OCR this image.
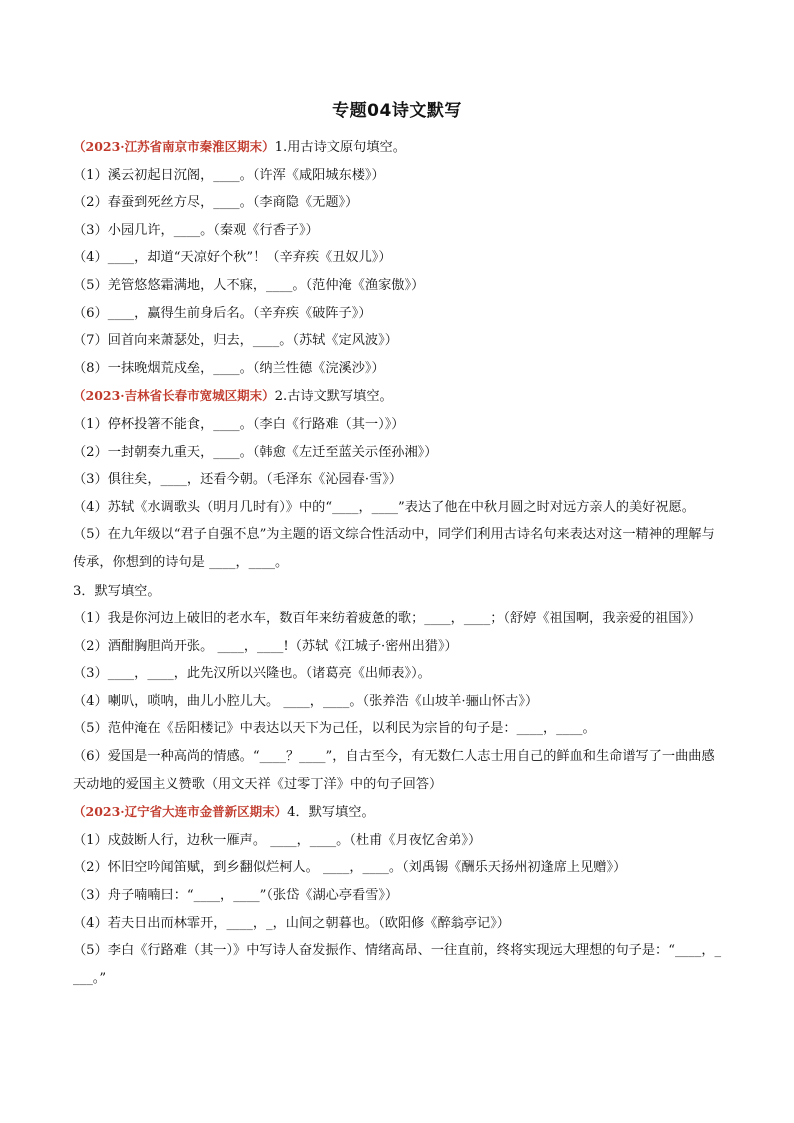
专题04诗文默写

（2023·江苏省南京市秦淮区期末）1.用古诗文原句填空。

（1）溪云初起日沉阁，____。（许浑《咸阳城东楼》）

（2）春蚕到死丝方尽，____。（李商隐《无题》）

（3）小园几许，____。（秦观《行香子》）

（4）____，却道“天凉好个秋”！（辛弃疾《丑奴儿》）

（5）羌管悠悠霜满地，人不寐，____。（范仲淹《渔家傲》）

（6）____，赢得生前身后名。（辛弃疾《破阵子》）

（7）回首向来萧瑟处，归去，____。（苏轼《定风波》）

（8）一抹晚烟荒戍垒，____。（纳兰性德《浣溪沙》）

（2023·吉林省长春市宽城区期末）2.古诗文默写填空。

（1）停杯投箸不能食，____。（李白《行路难（其一）》）

（2）一封朝奏九重天，____。（韩愈《左迁至蓝关示侄孙湘》）

（3）俱往矣，____，还看今朝。（毛泽东《沁园春·雪》）

（4）苏轼《水调歌头（明月几时有）》中的“____，____”表达了他在中秋月圆之时对远方亲人的美好祝愿。

（5）在九年级以“君子自强不息”为主题的语文综合性活动中，同学们利用古诗名句来表达对这一精神的理解与传承，你想到的诗句是 ____，____。

3．默写填空。

（1）我是你河边上破旧的老水车，数百年来纺着疲惫的歌；____，____；（舒婷《祖国啊，我亲爱的祖国》）

（2）酒酣胸胆尚开张。 ____，____!（苏轼《江城子·密州出猎》）

（3）____，____，此先汉所以兴隆也。（诸葛亮《出师表》）。

（4）喇叭，唢呐，曲儿小腔儿大。 ____，____。（张养浩《山坡羊·骊山怀古》）

（5）范仲淹在《岳阳楼记》中表达以天下为己任，以利民为宗旨的句子是：____，____。

（6）爱国是一种高尚的情感。“____？____”，自古至今，有无数仁人志士用自己的鲜血和生命谱写了一曲曲感天动地的爱国主义赞歌（用文天祥《过零丁洋》中的句子回答）

（2023·辽宁省大连市金普新区期末）4．默写填空。

（1）戍鼓断人行，边秋一雁声。 ____，____。（杜甫《月夜忆舍弟》）

（2）怀旧空吟闻笛赋，到乡翻似烂柯人。 ____，____。（刘禹锡《酬乐天扬州初逢席上见赠》）

（3）舟子喃喃曰：“____，____”（张岱《湖心亭看雪》）

（4）若夫日出而林霏开，____，_，山间之朝暮也。（欧阳修《醉翁亭记》）

（5）李白《行路难（其一）》中写诗人奋发振作、情绪高昂、一往直前，终将实现远大理想的句子是：“____，____。”
